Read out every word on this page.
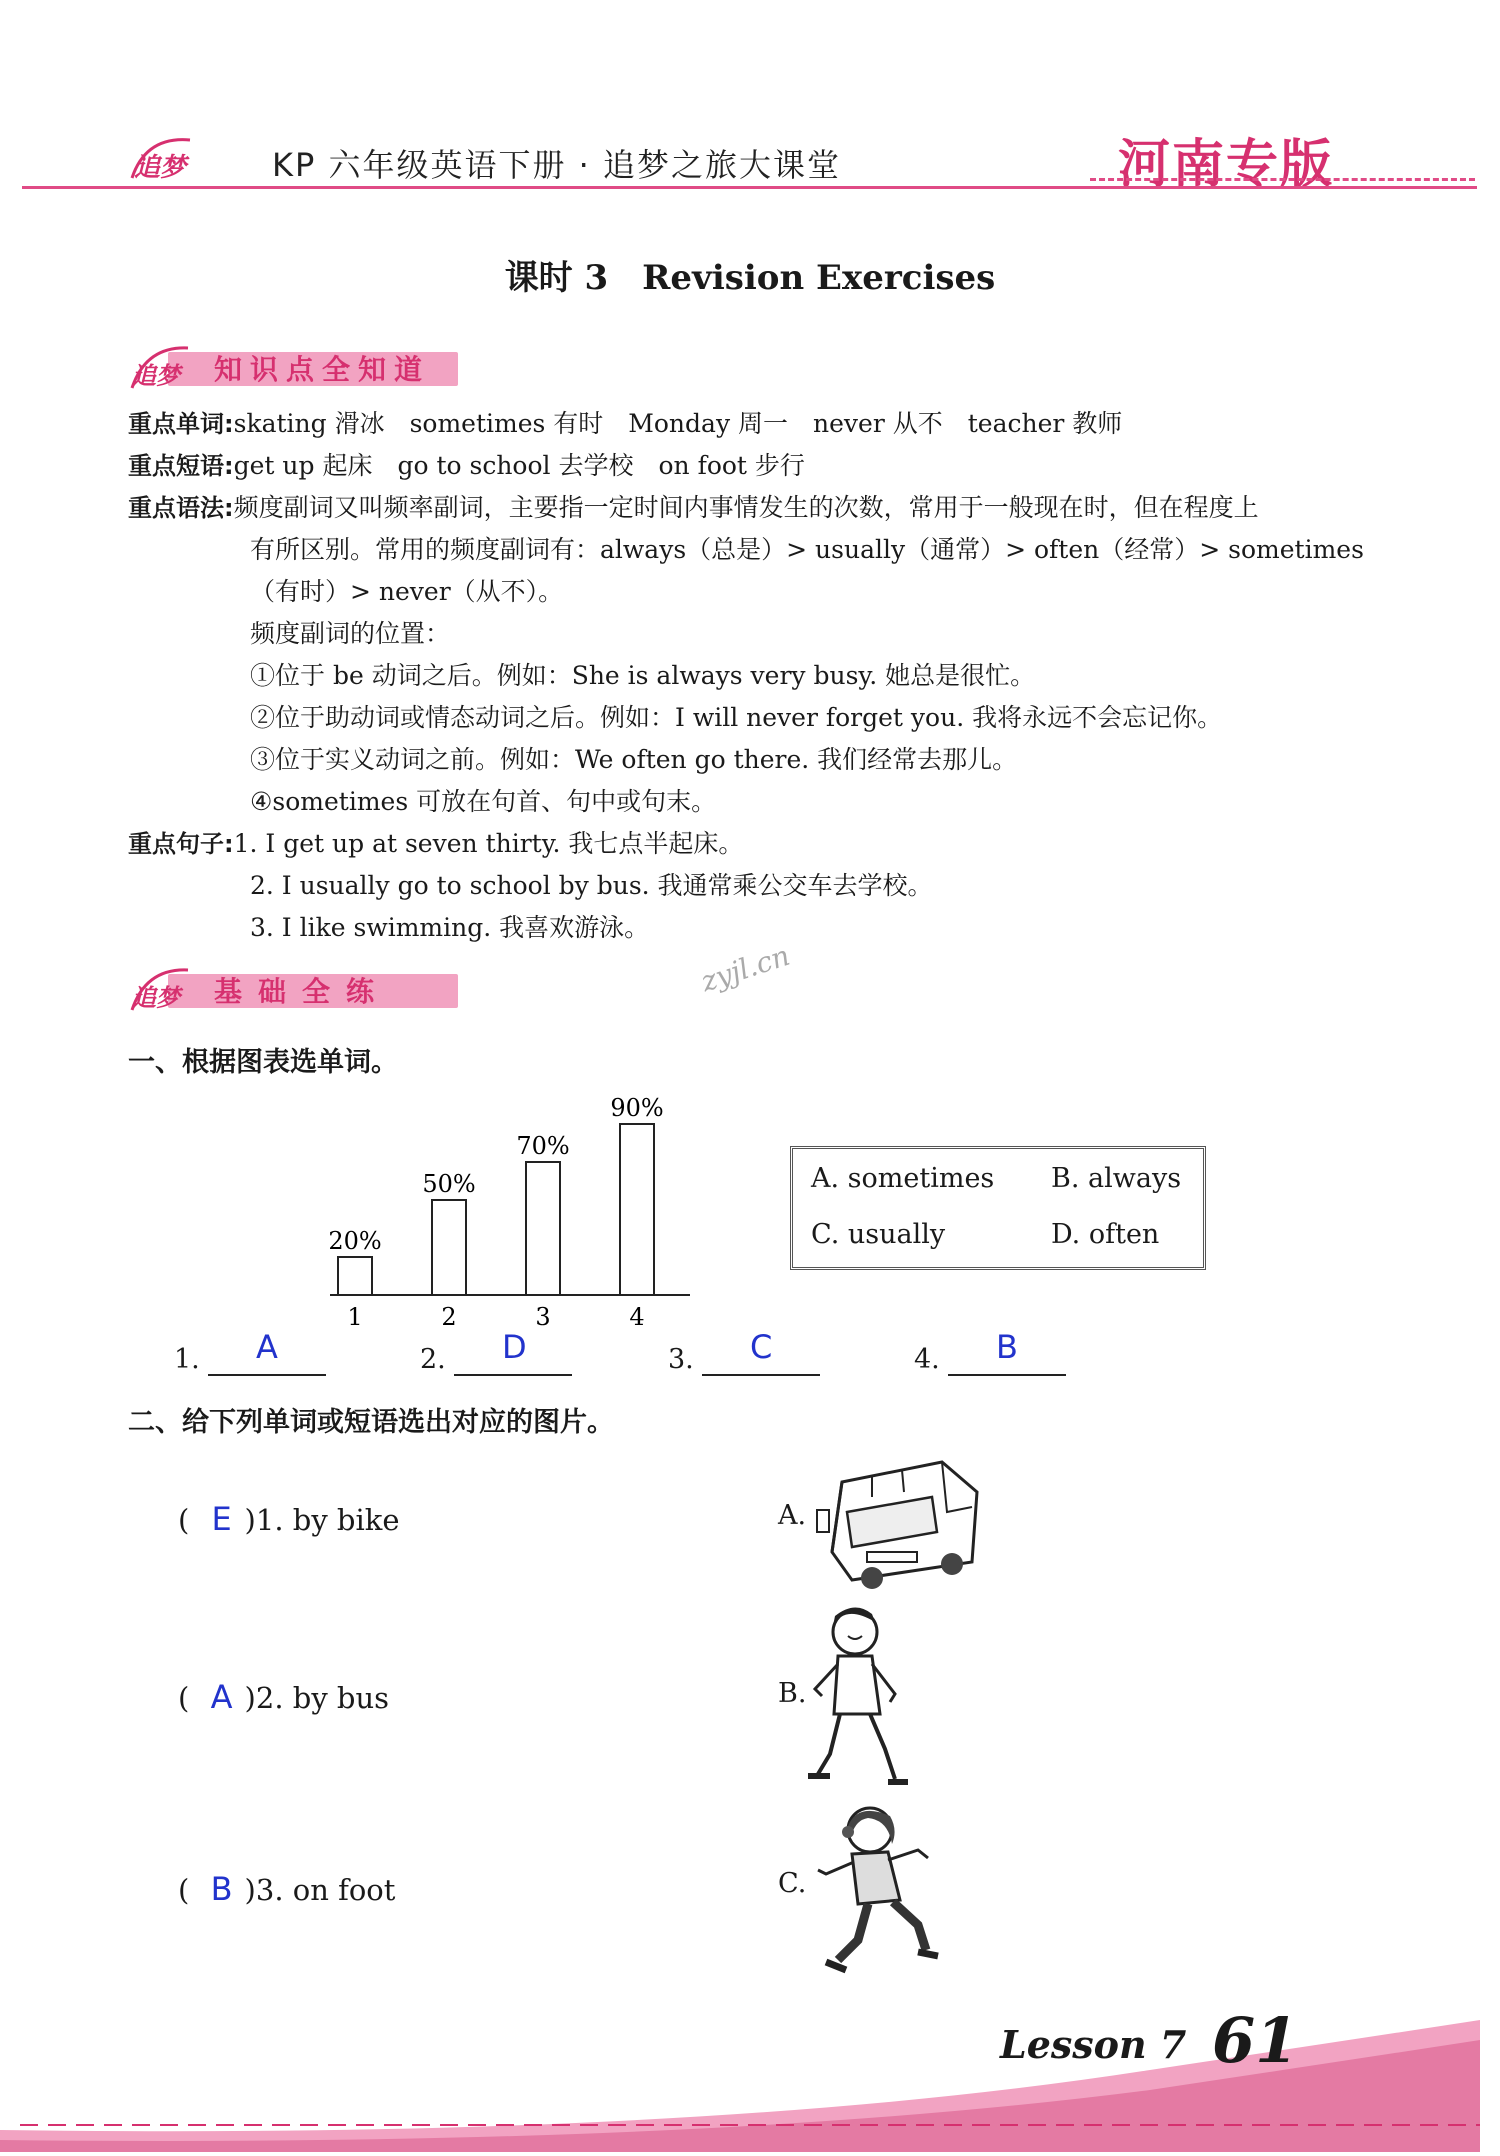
追梦	KP 六年级英语下册 · 追梦之旅大课堂	河南专版
课时 3　Revision Exercises
追梦 知识点全知道
重点单词:skating 滑冰　sometimes 有时　Monday 周一　never 从不　teacher 教师
重点短语:get up 起床　go to school 去学校　on foot 步行
重点语法:频度副词又叫频率副词，主要指一定时间内事情发生的次数，常用于一般现在时，但在程度上
有所区别。常用的频度副词有：always（总是）> usually（通常）> often（经常）> sometimes
（有时）> never（从不）。
频度副词的位置：
①位于 be 动词之后。例如：She is always very busy. 她总是很忙。
②位于助动词或情态动词之后。例如：I will never forget you. 我将永远不会忘记你。
③位于实义动词之前。例如：We often go there. 我们经常去那儿。
④sometimes 可放在句首、句中或句末。
重点句子:1. I get up at seven thirty. 我七点半起床。
2. I usually go to school by bus. 我通常乘公交车去学校。
3. I like swimming. 我喜欢游泳。
追梦 基础全练	zyjl.cn
一、根据图表选单词。
20%
1
50%
2
70%
3
90%
4
A. sometimes B. always
C. usually	D. often
1. A	2. D	3. C	4. B
二、给下列单词或短语选出对应的图片。
( E )1. by bike
( A )2. by bus
( B )3. on foot
A.
B.
C.
Lesson 7 61
